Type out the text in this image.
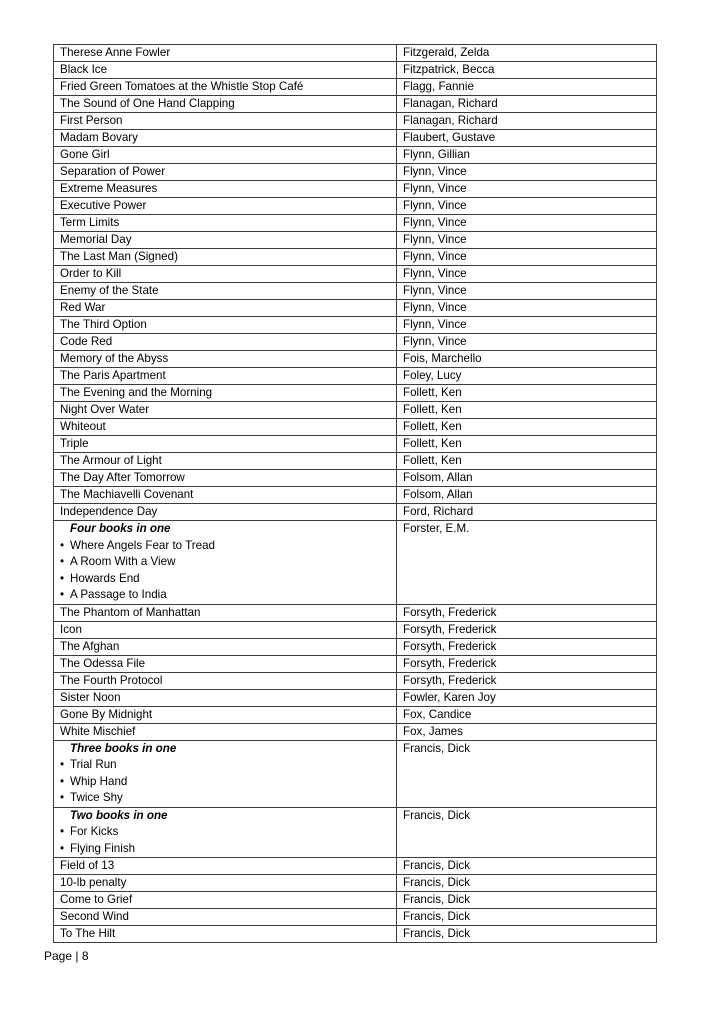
Therese Anne Fowler	Fitzgerald, Zelda
Black Ice	Fitzpatrick, Becca
Fried Green Tomatoes at the Whistle Stop Café	Flagg, Fannie
The Sound of One Hand Clapping	Flanagan, Richard
First Person	Flanagan, Richard
Madam Bovary	Flaubert, Gustave
Gone Girl	Flynn, Gillian
Separation of Power	Flynn, Vince
Extreme Measures	Flynn, Vince
Executive Power	Flynn, Vince
Term Limits	Flynn, Vince
Memorial Day	Flynn, Vince
The Last Man (Signed)	Flynn, Vince
Order to Kill	Flynn, Vince
Enemy of the State	Flynn, Vince
Red War	Flynn, Vince
The Third Option	Flynn, Vince
Code Red	Flynn, Vince
Memory of the Abyss	Fois, Marchello
The Paris Apartment	Foley, Lucy
The Evening and the Morning	Follett, Ken
Night Over Water	Follett, Ken
Whiteout	Follett, Ken
Triple	Follett, Ken
The Armour of Light	Follett, Ken
The Day After Tomorrow	Folsom, Allan
The Machiavelli Covenant	Folsom, Allan
Independence Day	Ford, Richard

Four books in one
• Where Angels Fear to Tread
• A Room With a View
• Howards End
• A Passage to India	Forster, E.M.
The Phantom of Manhattan	Forsyth, Frederick
Icon	Forsyth, Frederick
The Afghan	Forsyth, Frederick
The Odessa File	Forsyth, Frederick
The Fourth Protocol	Forsyth, Frederick
Sister Noon	Fowler, Karen Joy
Gone By Midnight	Fox, Candice
White Mischief	Fox, James

Three books in one
• Trial Run
• Whip Hand
• Twice Shy	Francis, Dick

Two books in one
• For Kicks
• Flying Finish	Francis, Dick
Field of 13	Francis, Dick
10-lb penalty	Francis, Dick
Come to Grief	Francis, Dick
Second Wind	Francis, Dick
To The Hilt	Francis, Dick
Page | 8
